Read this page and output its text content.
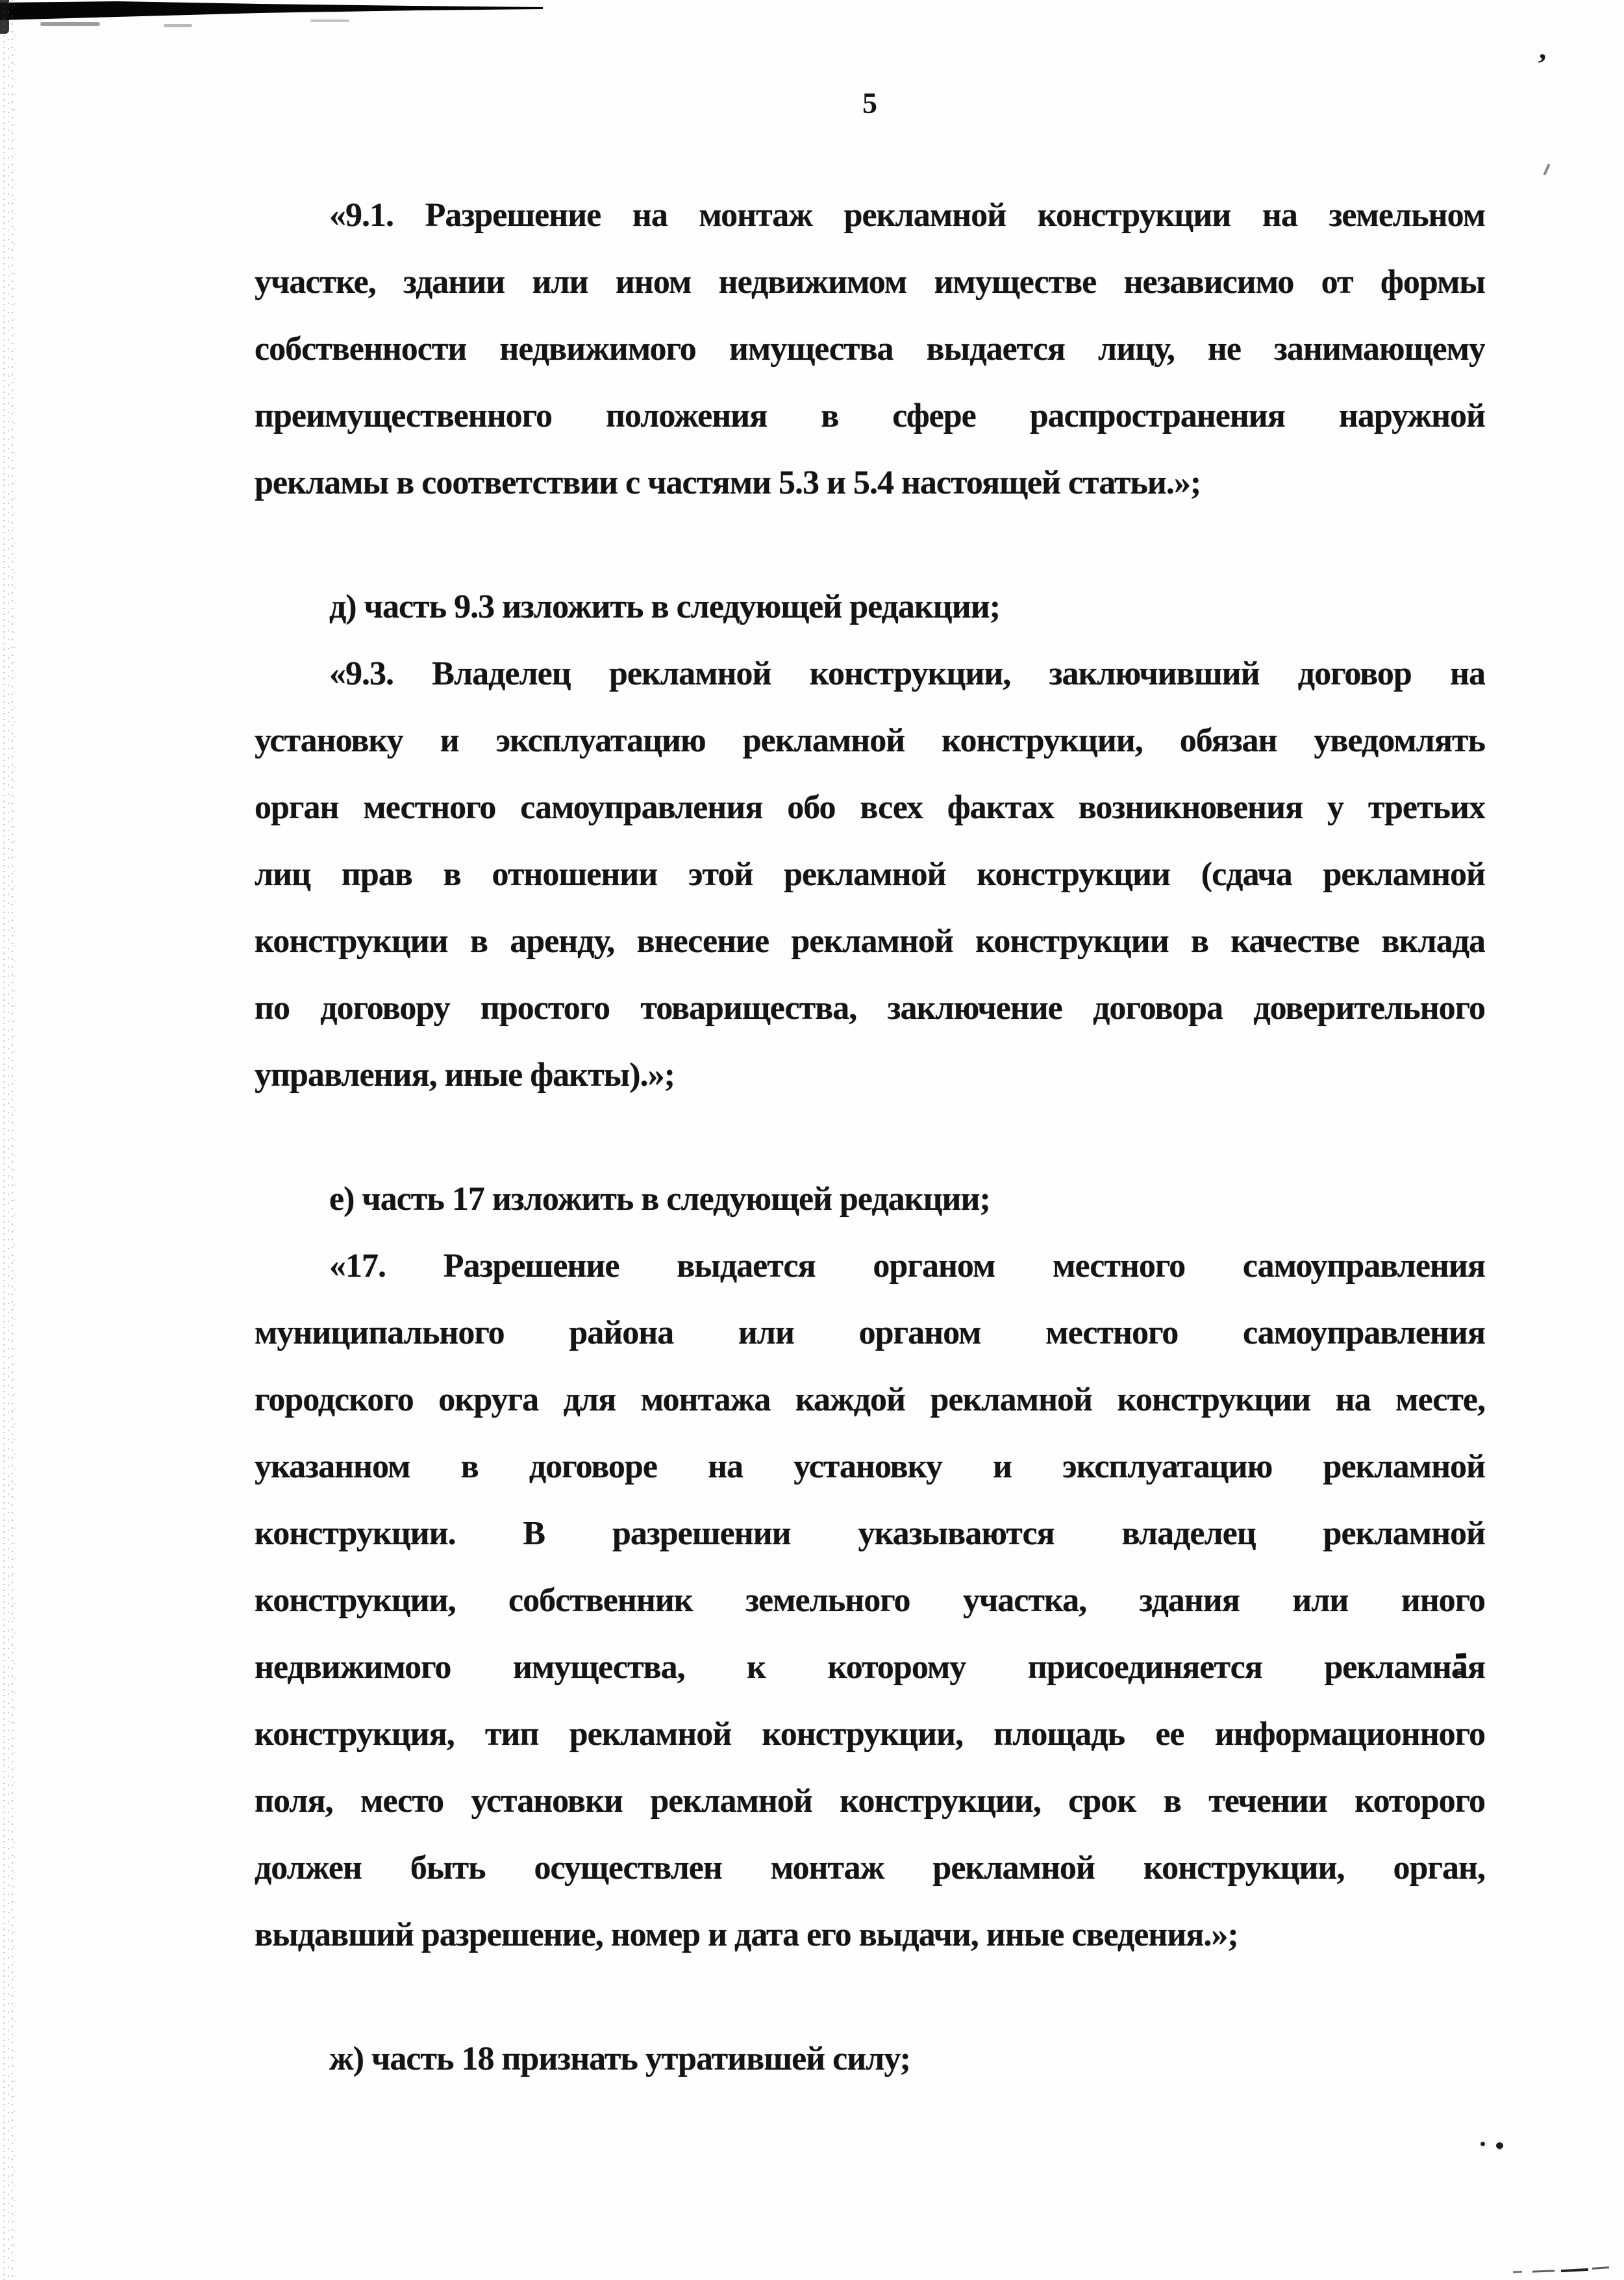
’
5
«9.1. Разрешение на монтаж рекламной конструкции на земельном
участке, здании или ином недвижимом имуществе независимо от формы
собственности недвижимого имущества выдается лицу, не занимающему
преимущественного положения в сфере распространения наружной
рекламы в соответствии с частями 5.3 и 5.4 настоящей статьи.»;
д) часть 9.3 изложить в следующей редакции;
«9.3. Владелец рекламной конструкции, заключивший договор на
установку и эксплуатацию рекламной конструкции, обязан уведомлять
орган местного самоуправления обо всех фактах возникновения у третьих
лиц прав в отношении этой рекламной конструкции (сдача рекламной
конструкции в аренду, внесение рекламной конструкции в качестве вклада
по договору простого товарищества, заключение договора доверительного
управления, иные факты).»;
е) часть 17 изложить в следующей редакции;
«17. Разрешение выдается органом местного самоуправления
муниципального района или органом местного самоуправления
городского округа для монтажа каждой рекламной конструкции на месте,
указанном в договоре на установку и эксплуатацию рекламной
конструкции. В разрешении указываются владелец рекламной
конструкции, собственник земельного участка, здания или иного
недвижимого имущества, к которому присоединяется рекламная
конструкция, тип рекламной конструкции, площадь ее информационного
поля, место установки рекламной конструкции, срок в течении которого
должен быть осуществлен монтаж рекламной конструкции, орган,
выдавший разрешение, номер и дата его выдачи, иные сведения.»;
ж) часть 18 признать утратившей силу;
